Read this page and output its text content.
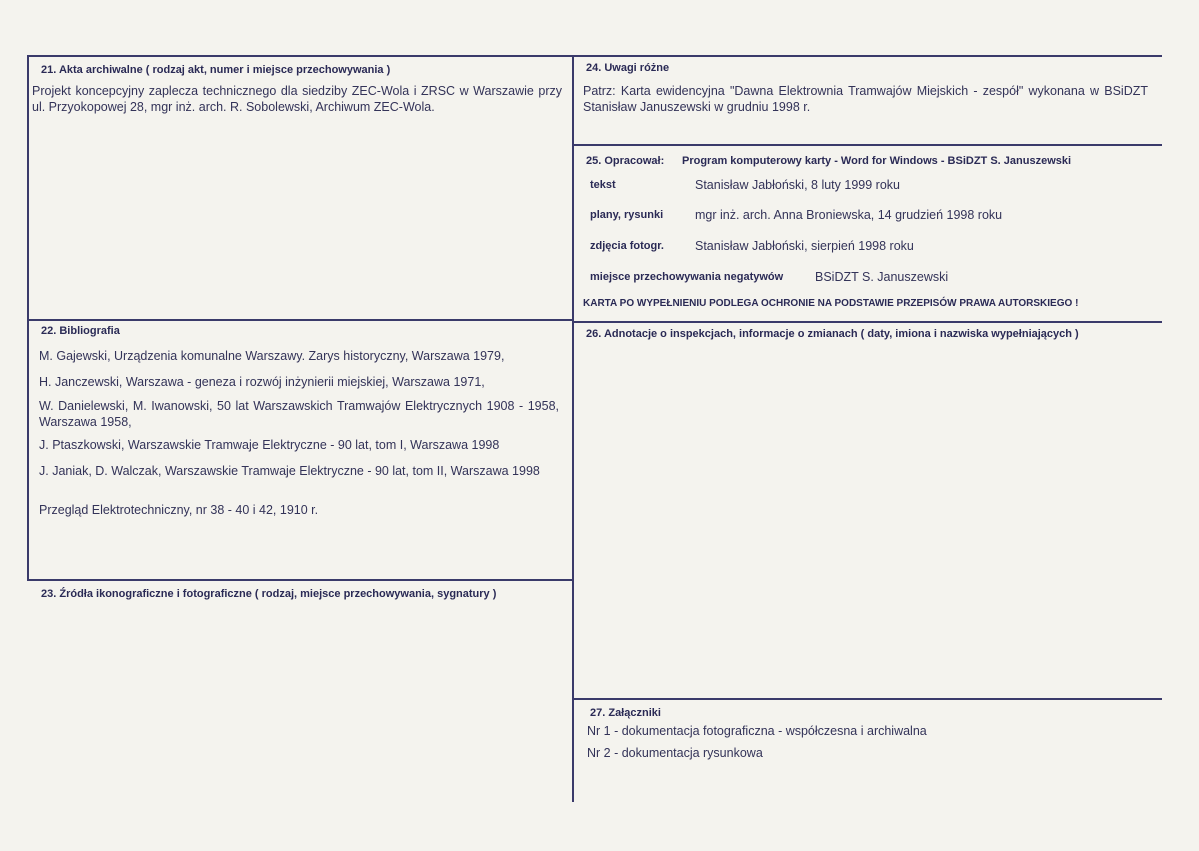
21. Akta archiwalne ( rodzaj akt, numer i miejsce przechowywania )
Projekt koncepcyjny zaplecza technicznego dla siedziby ZEC-Wola i ZRSC w Warszawie przy ul. Przyokopowej 28, mgr inż. arch. R. Sobolewski, Archiwum ZEC-Wola.
22. Bibliografia
M. Gajewski, Urządzenia komunalne Warszawy. Zarys historyczny, Warszawa 1979,
H. Janczewski, Warszawa - geneza i rozwój inżynierii miejskiej, Warszawa 1971,
W. Danielewski, M. Iwanowski, 50 lat Warszawskich Tramwajów Elektrycznych 1908 - 1958, Warszawa 1958,
J. Ptaszkowski, Warszawskie Tramwaje Elektryczne - 90 lat, tom I, Warszawa 1998
J. Janiak, D. Walczak, Warszawskie Tramwaje Elektryczne - 90 lat, tom II, Warszawa 1998
Przegląd Elektrotechniczny, nr 38 - 40 i 42, 1910 r.
23. Źródła ikonograficzne i fotograficzne ( rodzaj, miejsce przechowywania, sygnatury )
24. Uwagi różne
Patrz: Karta ewidencyjna "Dawna Elektrownia Tramwajów Miejskich - zespół" wykonana w BSiDZT Stanisław Januszewski w grudniu 1998 r.
25. Opracował: Program komputerowy karty - Word for Windows - BSiDZT S. Januszewski
tekst	Stanisław Jabłoński, 8 luty 1999 roku
plany, rysunki	mgr inż. arch. Anna Broniewska, 14 grudzień 1998 roku
zdjęcia fotogr. Stanisław Jabłoński, sierpień 1998 roku
miejsce przechowywania negatywów	BSiDZT S. Januszewski
KARTA PO WYPEŁNIENIU PODLEGA OCHRONIE NA PODSTAWIE PRZEPISÓW PRAWA AUTORSKIEGO !
26. Adnotacje o inspekcjach, informacje o zmianach ( daty, imiona i nazwiska wypełniających )
27. Załączniki
Nr 1 - dokumentacja fotograficzna - współczesna i archiwalna
Nr 2 - dokumentacja rysunkowa
